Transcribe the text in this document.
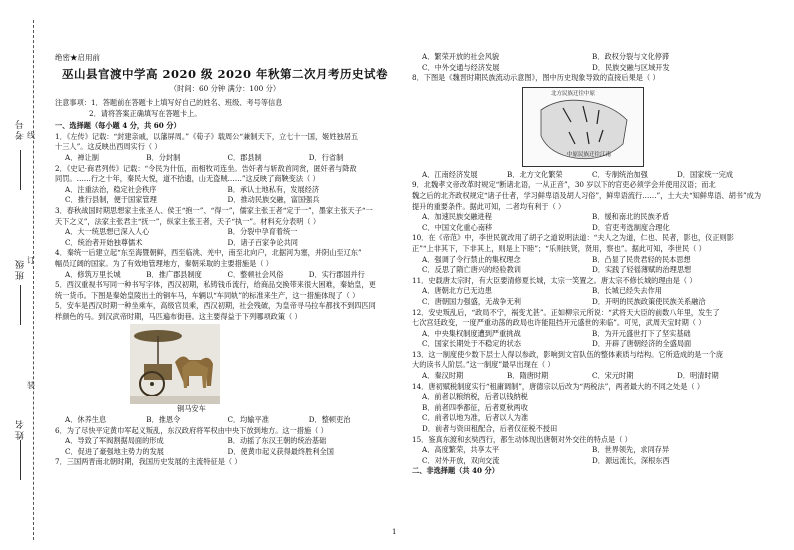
考号
班级
姓名
线
订
装
绝密★启用前
巫山县官渡中学高 2020 级 2020 年秋第二次月考历史试卷
（时间：60 分钟 满分：100 分）

注意事项：1．答题前在答题卡上填写好自己的姓名、班级、考号等信息

2．请将答案正确填写在答题卡上。

一、选择题（每小题 4 分，共 60 分）

1．《左传》记载：“封建亲戚，以藩屏周。”《荀子》载周公“兼制天下，立七十一国，姬姓独居五

十三人”。这反映出西周实行（ ）

A．禅让制	B．分封制	C．郡县制	D．行省制

2．《史记·商君列传》记载：“令民为什伍，而相牧司连坐。告奸者与斩敌首同赏，匿奸者与降敌

同罚。……行之十年，秦民大悦，道不拾遗，山无盗贼……”这反映了商鞅变法（ ）

A．注重法治，稳定社会秩序	B．承认土地私有，发展经济
C．推行县制，便于国家管理	D．推动民族交融，富国强兵

3．春秋战国时期思想家主张圣人、侯王“抱一”、“得一”，儒家主张王者“定于一”，墨家主张天子“一

天下之义”，法家主张君主“抚一”，纵家主张王者，天子“执一”。材料充分表明（ ）

A．大一统思想已深入人心	B．分裂中孕育着统一
C．统治者开始独尊儒术	D．诸子百家争论共同

4．秦统一后建立起“东至海暨朝鲜，西至临洮、羌中，南至北向户，北据河为塞，并阴山至辽东”

幅员辽阔的国家。为了有效地管理地方，秦朝采取的主要措施是（ ）

A．修筑万里长城	B．推广郡县制度	C．整顿社会风俗	D．实行郡国并行

5．西汉重视书写同一种书写字体，西汉初期，私铸钱币流行，给商品交换带来很大困难，秦始皇，更

统一货币。下图是秦始皇陵出土的铜车马，车辆以“车同轨”的标准来生产，这一措施体现了（ ）

5．安车是西汉时期一种坐乘车，高级官员乘，西汉初期，社会残破，为皇帝寻马拉车都找不到四匹同

样颜色的马。到汉武帝时期，马匹遍布街巷。这主要得益于下列哪项政策（ ）

铜马安车

A．休养生息	B．推恩令	C．均输平准	D．整顿吏治

6．为了尽快平定黄巾军起义叛乱，东汉政府将军权由中央下放到地方。这一措施（ ）

A．导致了军阀割据局面的形成	B．动摇了东汉王朝的统治基础
C．促进了豪强地主势力的发展	D．使黄巾起义获得最终胜利全国

7．三国两晋南北朝时期，我国历史发展的主流特征是（ ）

A．繁荣开放的社会风貌	B．政权分裂与文化停滞
C．中外交通与经济发展	D．民族交融与区域开发

8．下图是《魏晋时期民族流动示意图》，图中历史现象导致的直接后果是（ ）

北方民族迁往中原
中原民族迁往江南
A．江南经济发展	B．北方文化繁荣	C．专制统治加强	D．国家统一完成

9．北魏孝文帝改革时规定“断诸北语，一从正音”，30 岁以下的官吏必须学会并使用汉语；而北

魏之后的北齐政权规定“诸子仕者，学习鲜卑语及胡人习俗”，鲜卑语流行……”，土大夫“知鲜卑语、胡书”成为

提升的重要条件。据此可知，二者均有利于（ ）

A．加速民族交融进程	B．缓和南北的民族矛盾
C．中国文化重心南移	D．官吏考选制度合理化

10．在《帝范》中，李世民就改用了胡子之道说明法道：“夫人之为道，仁也、民者，影也，仪正则影

正”“上非其下，下非其上，则是上下睦”；“乐则扶贤，贤用，察也”。据此可知，李世民（ ）

A．强调了令行禁止的集权理念	B．凸显了民贵君轻的民本思想
C．反思了隋亡唐兴的经验教训	D．实践了轻徭薄赋的治理思想

11．史载唐太宗时，有大臣要清修夏长城，太宗一笑置之。唐太宗不修长城的理由是（ ）

A．唐朝北方已无边患	B．长城已经失去作用
C．唐朝国力强盛，无战争无利	D．开明的民族政策使民族关系融洽

12．安史叛乱后，“政局不宁，祸变尤甚”。正如柳宗元所说：“武将天大臣的前数八年里，发生了

七次宫廷政变，一度严重动荡的政局也许能阻挡开元盛世的来临”。可见，武周天宝时期（ ）

A．中央集权制度遭到严重挑战	B．为开元盛世打下了坚实基础
C．国家长期处于不稳定的状态	D．开辟了唐朝经济的全盛局面

13．这一制度使少数下层士人得以参政，影响到文官队伍的整体素质与结构。它所造成的是一个庞

大的读书人阶层。”这一制度”最早出现在（ ）

A．秦汉时期	B．隋唐时期	C．宋元时期	D．明清时期

14．唐初赋税制度实行“租庸调制”，唐德宗以后改为“两税法”，两者最大的不同之处是（ ）

A．前者以粮纳税，后者以钱纳税
B．前者四季都征，后者夏秋两收
C．前者以地为准，后者以人为准
D．前者与资田租配合，后者仅征税不授田

15．鉴真东渡和玄奘西行，都生动体现出唐朝对外交往的特点是（ ）

A．高度繁荣，共享太平	B．世界领先，求同存异
C．对外开放，双向交流	D．源远流长，深根东西

二、非选择题（共 40 分）

1
